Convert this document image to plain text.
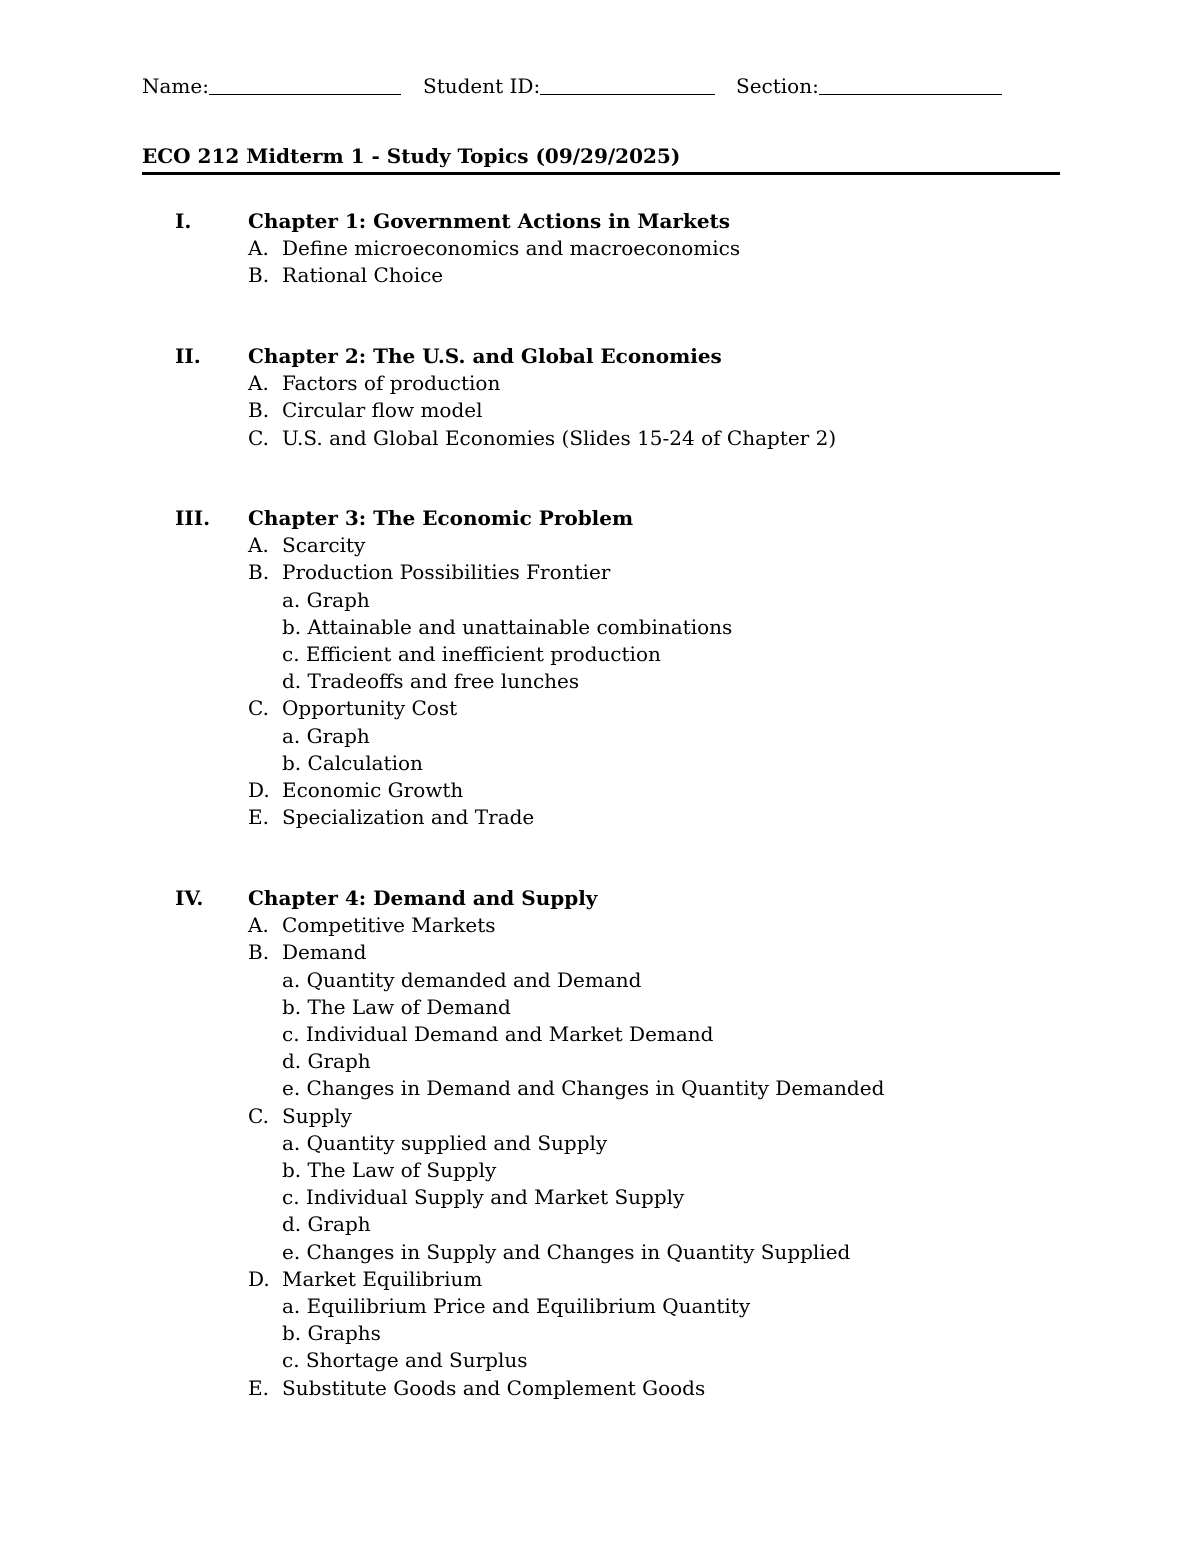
Name:	Student ID:	Section:
ECO 212 Midterm 1 - Study Topics (09/29/2025)
I.	Chapter 1: Government Actions in Markets
A. Define microeconomics and macroeconomics
B. Rational Choice
II. Chapter 2: The U.S. and Global Economies
A. Factors of production
B. Circular flow model
C. U.S. and Global Economies (Slides 15-24 of Chapter 2)
III. Chapter 3: The Economic Problem
A. Scarcity
B. Production Possibilities Frontier
a. Graph
b. Attainable and unattainable combinations
c. Efficient and inefficient production
d. Tradeoffs and free lunches
C. Opportunity Cost
a. Graph
b. Calculation
D. Economic Growth
E. Specialization and Trade
IV. Chapter 4: Demand and Supply
A. Competitive Markets
B. Demand
a. Quantity demanded and Demand
b. The Law of Demand
c. Individual Demand and Market Demand
d. Graph
e. Changes in Demand and Changes in Quantity Demanded
C. Supply
a. Quantity supplied and Supply
b. The Law of Supply
c. Individual Supply and Market Supply
d. Graph
e. Changes in Supply and Changes in Quantity Supplied
D. Market Equilibrium
a. Equilibrium Price and Equilibrium Quantity
b. Graphs
c. Shortage and Surplus
E. Substitute Goods and Complement Goods
